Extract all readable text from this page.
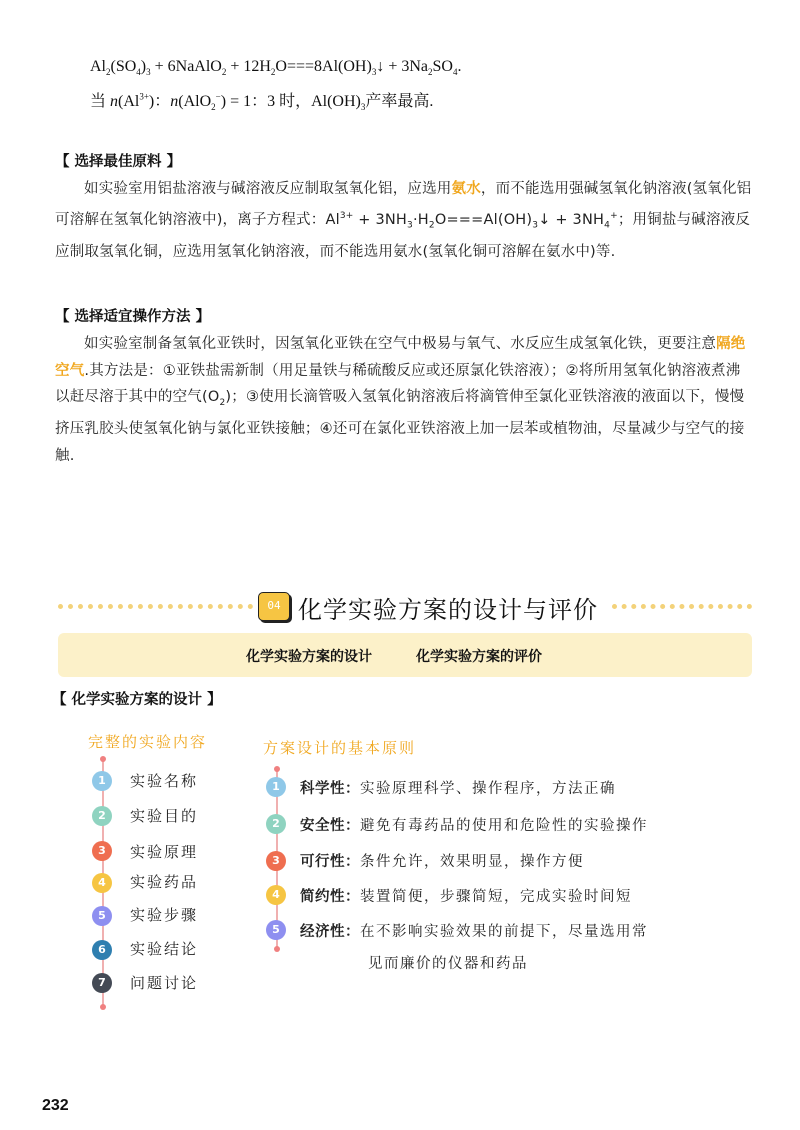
$Al_2(SO_4)_3$ + 6NaAlO$_2$ + $12H_2O===8Al(OH)_3↓ + 3Na_2SO_4$.
当 $n(Al^{3+})$：n(AlO$_2$−) = 1：3 时，$Al(OH)_3$产率最高.
【 选择最佳原料 】

如实验室用铝盐溶液与碱溶液反应制取氢氧化铝，应选用氨水，而不能选用强碱氢氧化钠溶液(氢氧化铝可溶解在氢氧化钠溶液中)，离子方程式：$Al^{3+}$ + $3NH_3\cdot H_2O===Al(OH)_3↓ + 3NH_4^+$；用铜盐与碱溶液反应制取氢氧化铜，应选用氢氧化钠溶液，而不能选用氨水(氢氧化铜可溶解在氨水中)等.

【 选择适宜操作方法 】

如实验室制备氢氧化亚铁时，因氢氧化亚铁在空气中极易与氧气、水反应生成氢氧化铁，更要注意隔绝空气.其方法是：①亚铁盐需新制（用足量铁与稀硫酸反应或还原氯化铁溶液）；②将所用氢氧化钠溶液煮沸以赶尽溶于其中的空气$(O_2)$；③使用长滴管吸入氢氧化钠溶液后将滴管伸至氯化亚铁溶液的液面以下，慢慢挤压乳胶头使氢氧化钠与氯化亚铁接触；④还可在氯化亚铁溶液上加一层苯或植物油，尽量减少与空气的接触.

04 化学实验方案的设计与评价
化学实验方案的设计	化学实验方案的评价
【 化学实验方案的设计 】
完整的实验内容
1	实验名称
2	实验目的
3	实验原理
4	实验药品
5	实验步骤
6	实验结论
7	问题讨论
方案设计的基本原则
1	科学性：实验原理科学、操作程序，方法正确
2	安全性：避免有毒药品的使用和危险性的实验操作
3	可行性：条件允许，效果明显，操作方便
4	简约性：装置简便，步骤简短，完成实验时间短
5	经济性：在不影响实验效果的前提下，尽量选用常
见而廉价的仪器和药品
232
